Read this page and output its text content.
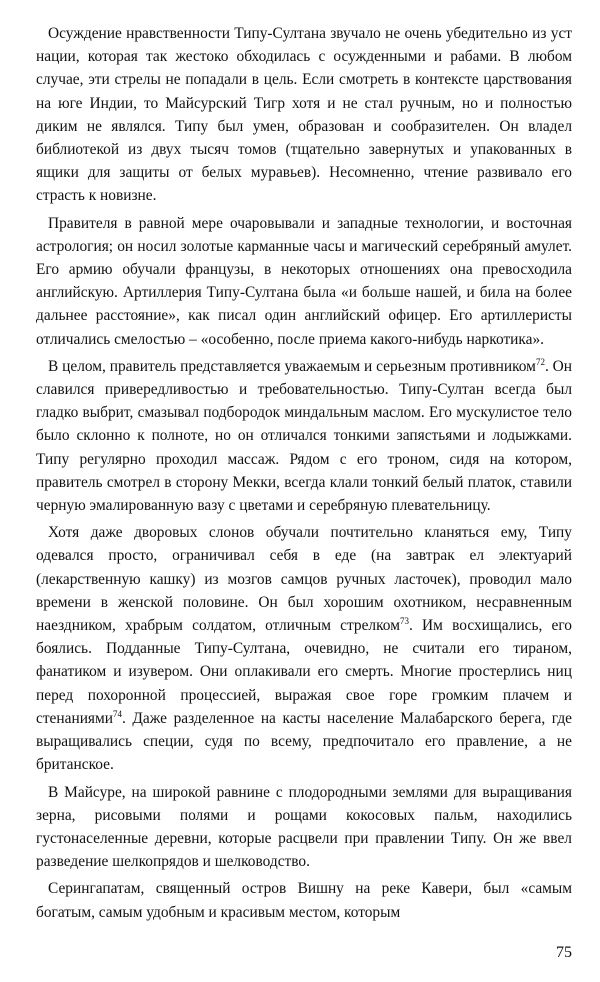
Осуждение нравственности Типу-Султана звучало не очень убедительно из уст нации, которая так жестоко обходилась с осужденными и рабами. В любом случае, эти стрелы не попадали в цель. Если смотреть в контексте царствования на юге Индии, то Майсурский Тигр хотя и не стал ручным, но и полностью диким не являлся. Типу был умен, образован и сообразителен. Он владел библиотекой из двух тысяч томов (тщательно завернутых и упакованных в ящики для защиты от белых муравьев). Несомненно, чтение развивало его страсть к новизне.

Правителя в равной мере очаровывали и западные технологии, и восточная астрология; он носил золотые карманные часы и магический серебряный амулет. Его армию обучали французы, в некоторых отношениях она превосходила английскую. Артиллерия Типу-Султана была «и больше нашей, и била на более дальнее расстояние», как писал один английский офицер. Его артиллеристы отличались смелостью – «особенно, после приема какого-нибудь наркотика».

В целом, правитель представляется уважаемым и серьезным противником$^{72}$. Он славился привередливостью и требовательностью. Типу-Султан всегда был гладко выбрит, смазывал подбородок миндальным маслом. Его мускулистое тело было склонно к полноте, но он отличался тонкими запястьями и лодыжками. Типу регулярно проходил массаж. Рядом с его троном, сидя на котором, правитель смотрел в сторону Мекки, всегда клали тонкий белый платок, ставили черную эмалированную вазу с цветами и серебряную плевательницу.

Хотя даже дворовых слонов обучали почтительно кланяться ему, Типу одевался просто, ограничивал себя в еде (на завтрак ел электуарий (лекарственную кашку) из мозгов самцов ручных ласточек), проводил мало времени в женской половине. Он был хорошим охотником, несравненным наездником, храбрым солдатом, отличным стрелком$^{73}$. Им восхищались, его боялись. Подданные Типу-Султана, очевидно, не считали его тираном, фанатиком и изувером. Они оплакивали его смерть. Многие простерлись ниц перед похоронной процессией, выражая свое горе громким плачем и стенаниями$^{74}$. Даже разделенное на касты население Малабарского берега, где выращивались специи, судя по всему, предпочитало его правление, а не британское.

В Майсуре, на широкой равнине с плодородными землями для выращивания зерна, рисовыми полями и рощами кокосовых пальм, находились густонаселенные деревни, которые расцвели при правлении Типу. Он же ввел разведение шелкопрядов и шелководство.

Серингапатам, священный остров Вишну на реке Кавери, был «самым богатым, самым удобным и красивым местом, которым

75
